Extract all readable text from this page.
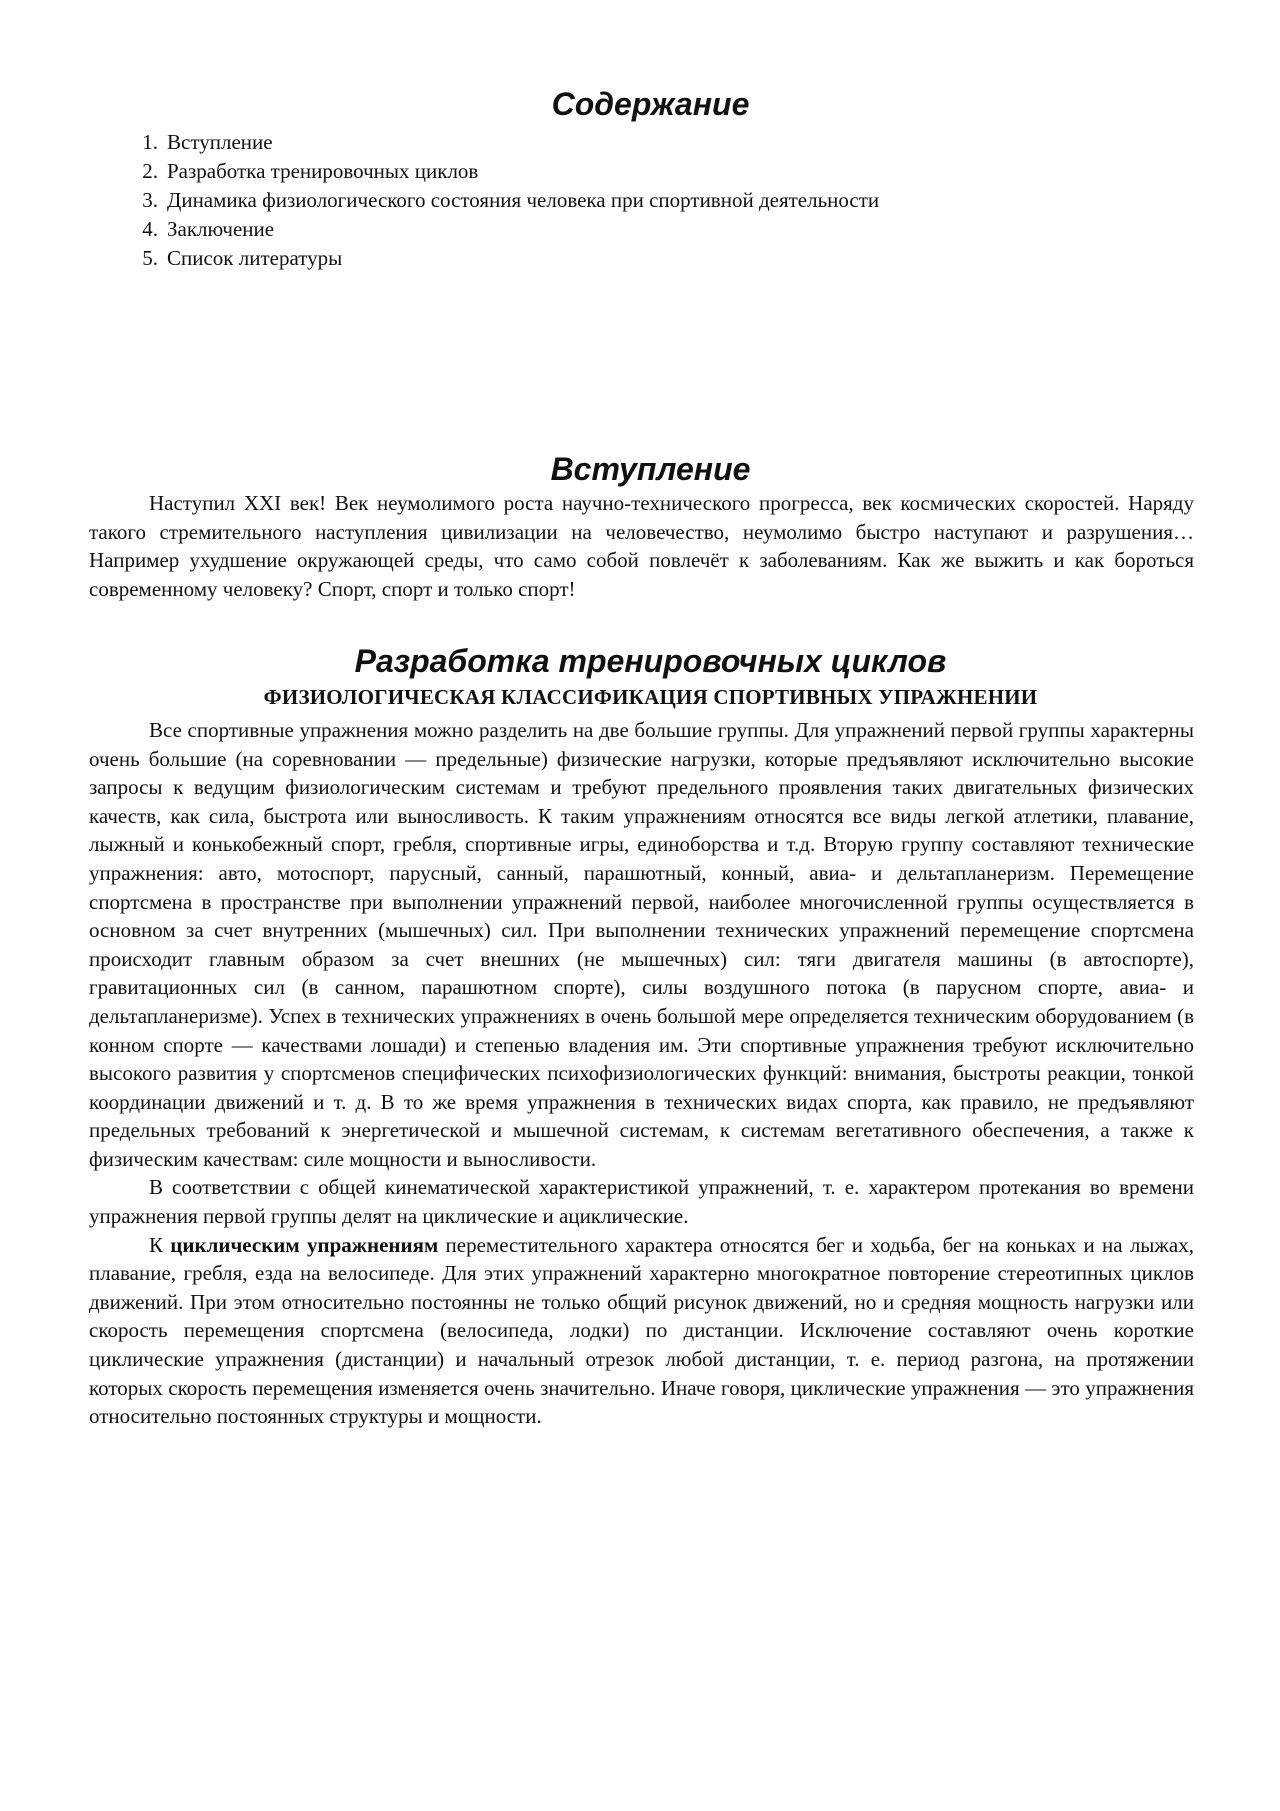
Содержание
1. Вступление
2. Разработка тренировочных циклов
3. Динамика физиологического состояния человека при спортивной деятельности
4. Заключение
5. Список литературы
Вступление

Наступил XXI век! Век неумолимого роста научно-технического прогресса, век космических скоростей. Наряду такого стремительного наступления цивилизации на человечество, неумолимо быстро наступают и разрушения… Например ухудшение окружающей среды, что само собой повлечёт к заболеваниям. Как же выжить и как бороться современному человеку? Спорт, спорт и только спорт!

Разработка тренировочных циклов
ФИЗИОЛОГИЧЕСКАЯ КЛАССИФИКАЦИЯ СПОРТИВНЫХ УПРАЖНЕНИИ

Все спортивные упражнения можно разделить на две большие группы. Для упражнений первой группы характерны очень большие (на соревновании — предельные) физические нагрузки, которые предъявляют исключительно высокие запросы к ведущим физиологическим системам и требуют предельного проявления таких двигательных физических качеств, как сила, быстрота или выносливость. К таким упражнениям относятся все виды легкой атлетики, плавание, лыжный и конькобежный спорт, гребля, спортивные игры, единоборства и т.д. Вторую группу составляют технические упражнения: авто, мотоспорт, парусный, санный, парашютный, конный, авиа- и дельтапланеризм. Перемещение спортсмена в пространстве при выполнении упражнений первой, наиболее многочисленной группы осуществляется в основном за счет внутренних (мышечных) сил. При выполнении технических упражнений перемещение спортсмена происходит главным образом за счет внешних (не мышечных) сил: тяги двигателя машины (в автоспорте), гравитационных сил (в санном, парашютном спорте), силы воздушного потока (в парусном спорте, авиа- и дельтапланеризме). Успех в технических упражнениях в очень большой мере определяется техническим оборудованием (в конном спорте — качествами лошади) и степенью владения им. Эти спортивные упражнения требуют исключительно высокого развития у спортсменов специфических психофизиологических функций: внимания, быстроты реакции, тонкой координации движений и т. д. В то же время упражнения в технических видах спорта, как правило, не предъявляют предельных требований к энергетической и мышечной системам, к системам вегетативного обеспечения, а также к физическим качествам: силе мощности и выносливости.

В соответствии с общей кинематической характеристикой упражнений, т. е. характером протекания во времени упражнения первой группы делят на циклические и ациклические.

К циклическим упражнениям переместительного характера относятся бег и ходьба, бег на коньках и на лыжах, плавание, гребля, езда на велосипеде. Для этих упражнений характерно многократное повторение стереотипных циклов движений. При этом относительно постоянны не только общий рисунок движений, но и средняя мощность нагрузки или скорость перемещения спортсмена (велосипеда, лодки) по дистанции. Исключение составляют очень короткие циклические упражнения (дистанции) и начальный отрезок любой дистанции, т. е. период разгона, на протяжении которых скорость перемещения изменяется очень значительно. Иначе говоря, циклические упражнения — это упражнения относительно постоянных структуры и мощности.
